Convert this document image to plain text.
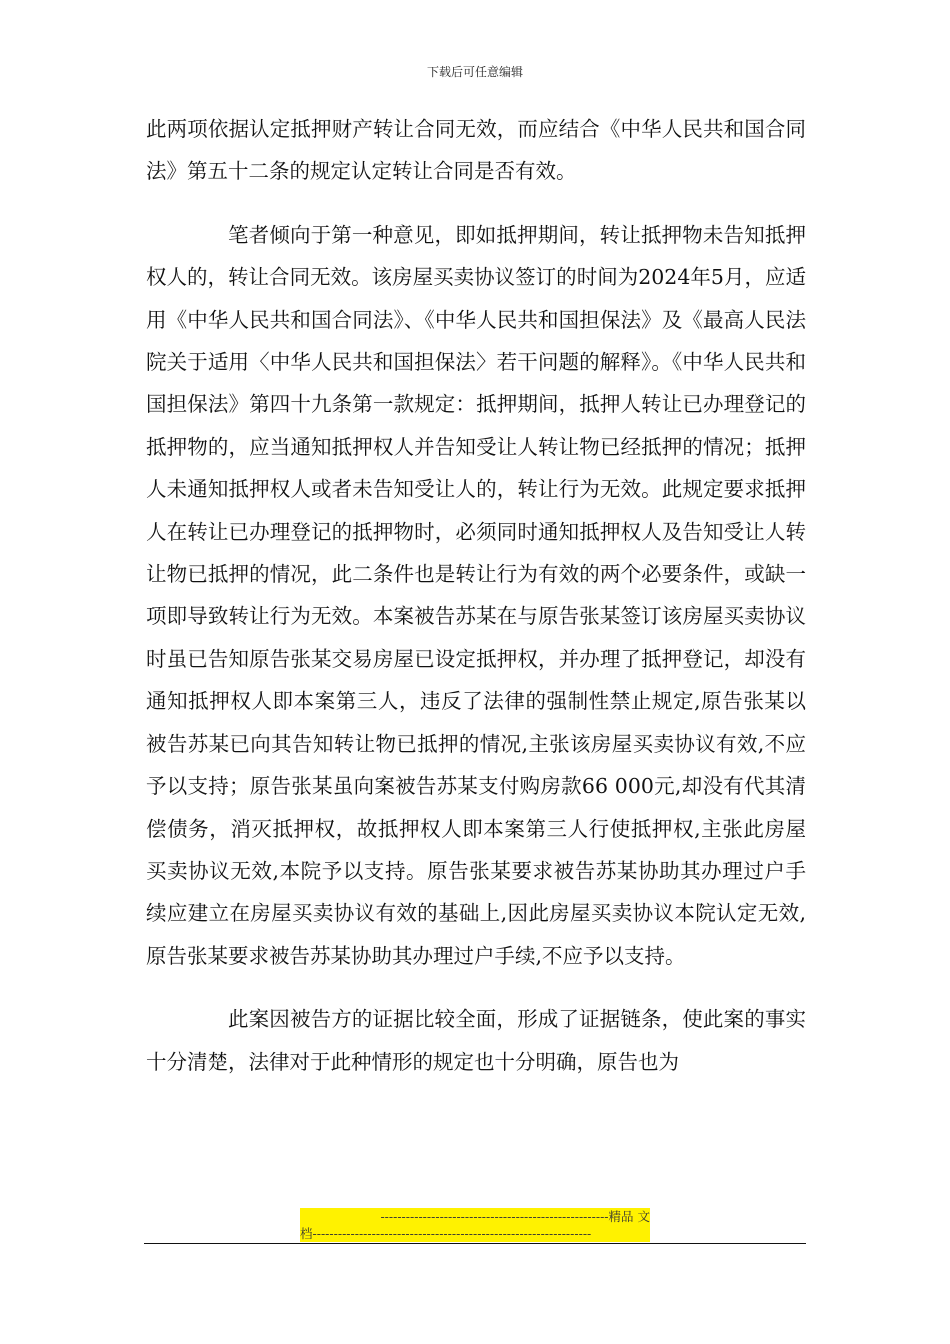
下载后可任意编辑

此两项依据认定抵押财产转让合同无效，而应结合《中华人民共和国合同法》第五十二条的规定认定转让合同是否有效。

笔者倾向于第一种意见，即如抵押期间，转让抵押物未告知抵押权人的，转让合同无效。该房屋买卖协议签订的时间为2024年5月，应适用《中华人民共和国合同法》、《中华人民共和国担保法》及《最高人民法院关于适用〈中华人民共和国担保法〉若干问题的解释》。《中华人民共和国担保法》第四十九条第一款规定：抵押期间，抵押人转让已办理登记的抵押物的，应当通知抵押权人并告知受让人转让物已经抵押的情况；抵押人未通知抵押权人或者未告知受让人的，转让行为无效。此规定要求抵押人在转让已办理登记的抵押物时，必须同时通知抵押权人及告知受让人转让物已抵押的情况，此二条件也是转让行为有效的两个必要条件，或缺一项即导致转让行为无效。本案被告苏某在与原告张某签订该房屋买卖协议时虽已告知原告张某交易房屋已设定抵押权，并办理了抵押登记，却没有通知抵押权人即本案第三人，违反了法律的强制性禁止规定,原告张某以被告苏某已向其告知转让物已抵押的情况,主张该房屋买卖协议有效,不应予以支持；原告张某虽向案被告苏某支付购房款66 000元,却没有代其清偿债务，消灭抵押权，故抵押权人即本案第三人行使抵押权,主张此房屋买卖协议无效,本院予以支持。原告张某要求被告苏某协助其办理过户手续应建立在房屋买卖协议有效的基础上,因此房屋买卖协议本院认定无效, 原告张某要求被告苏某协助其办理过户手续,不应予以支持。

此案因被告方的证据比较全面，形成了证据链条，使此案的事实十分清楚，法律对于此种情形的规定也十分明确，原告也为

------------------------------------------------------精品 文
档------------------------------------------------------------------
